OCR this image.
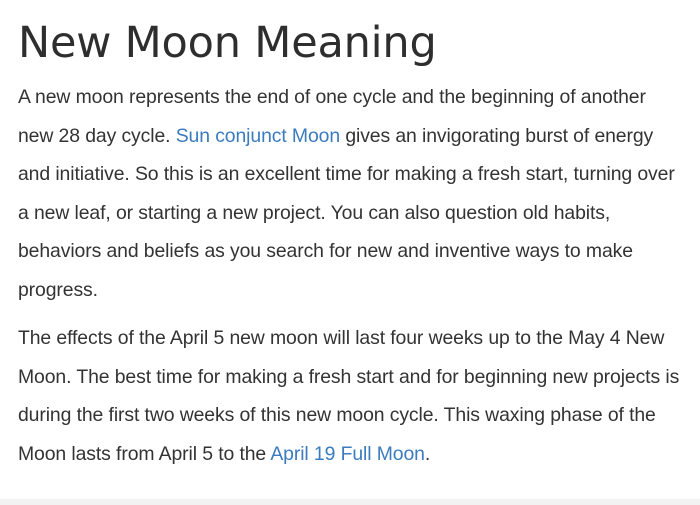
New Moon Meaning

A new moon represents the end of one cycle and the beginning of another new 28 day cycle. Sun conjunct Moon gives an invigorating burst of energy and initiative. So this is an excellent time for making a fresh start, turning over a new leaf, or starting a new project. You can also question old habits, behaviors and beliefs as you search for new and inventive ways to make progress.

The effects of the April 5 new moon will last four weeks up to the May 4 New Moon. The best time for making a fresh start and for beginning new projects is during the first two weeks of this new moon cycle. This waxing phase of the Moon lasts from April 5 to the April 19 Full Moon.
